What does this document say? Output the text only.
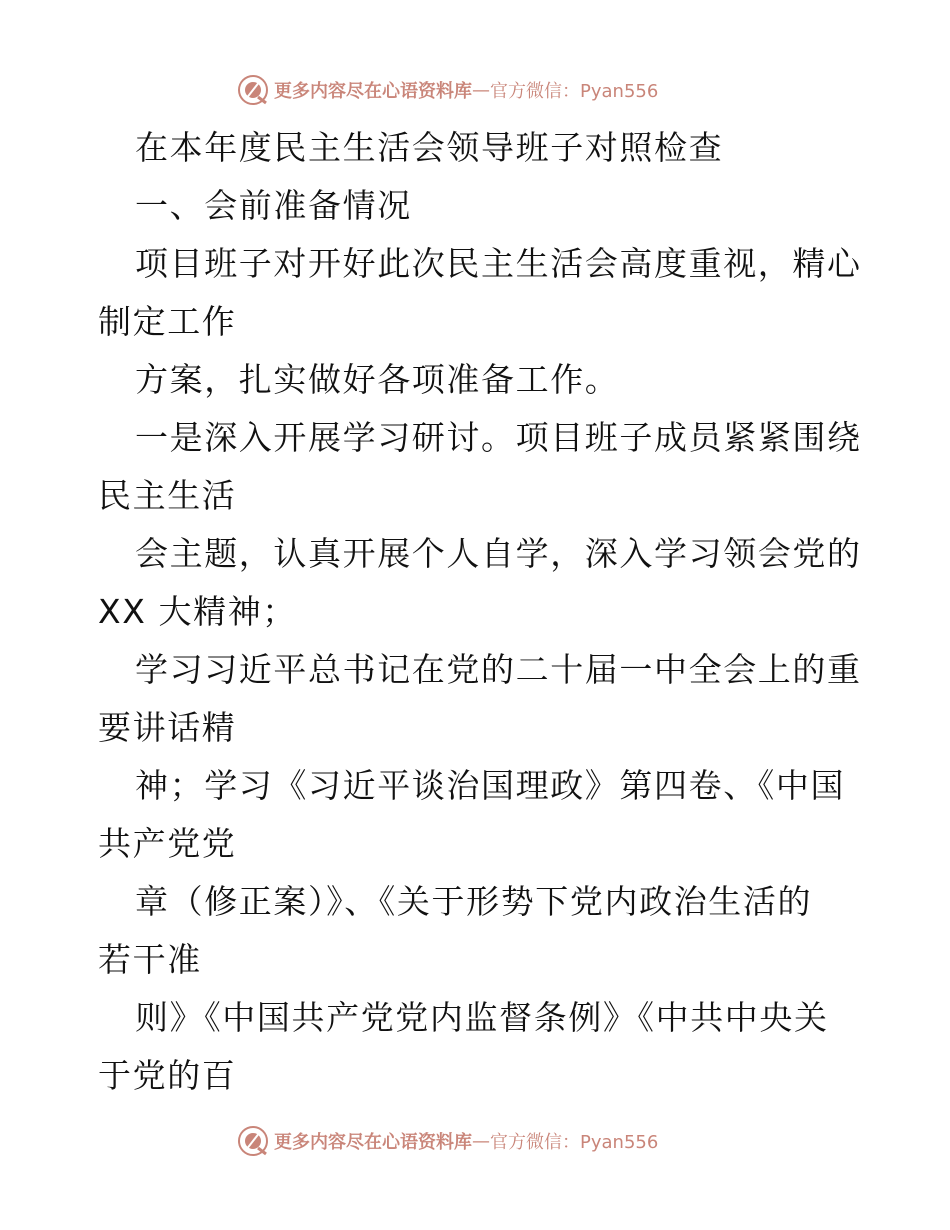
更多内容尽在心语资料库 — 官方微信：Pyan556
在本年度民主生活会领导班子对照检查
一、会前准备情况
项目班子对开好此次民主生活会高度重视，精心
制定工作
方案，扎实做好各项准备工作。
一是深入开展学习研讨。项目班子成员紧紧围绕
民主生活
会主题，认真开展个人自学，深入学习领会党的
XX 大精神；
学习习近平总书记在党的二十届一中全会上的重
要讲话精
神；学习《习近平谈治国理政》第四卷、《中国
共产党党
章（修正案）》、《关于形势下党内政治生活的
若干准
则》《中国共产党党内监督条例》《中共中央关
于党的百
更多内容尽在心语资料库 — 官方微信：Pyan556
